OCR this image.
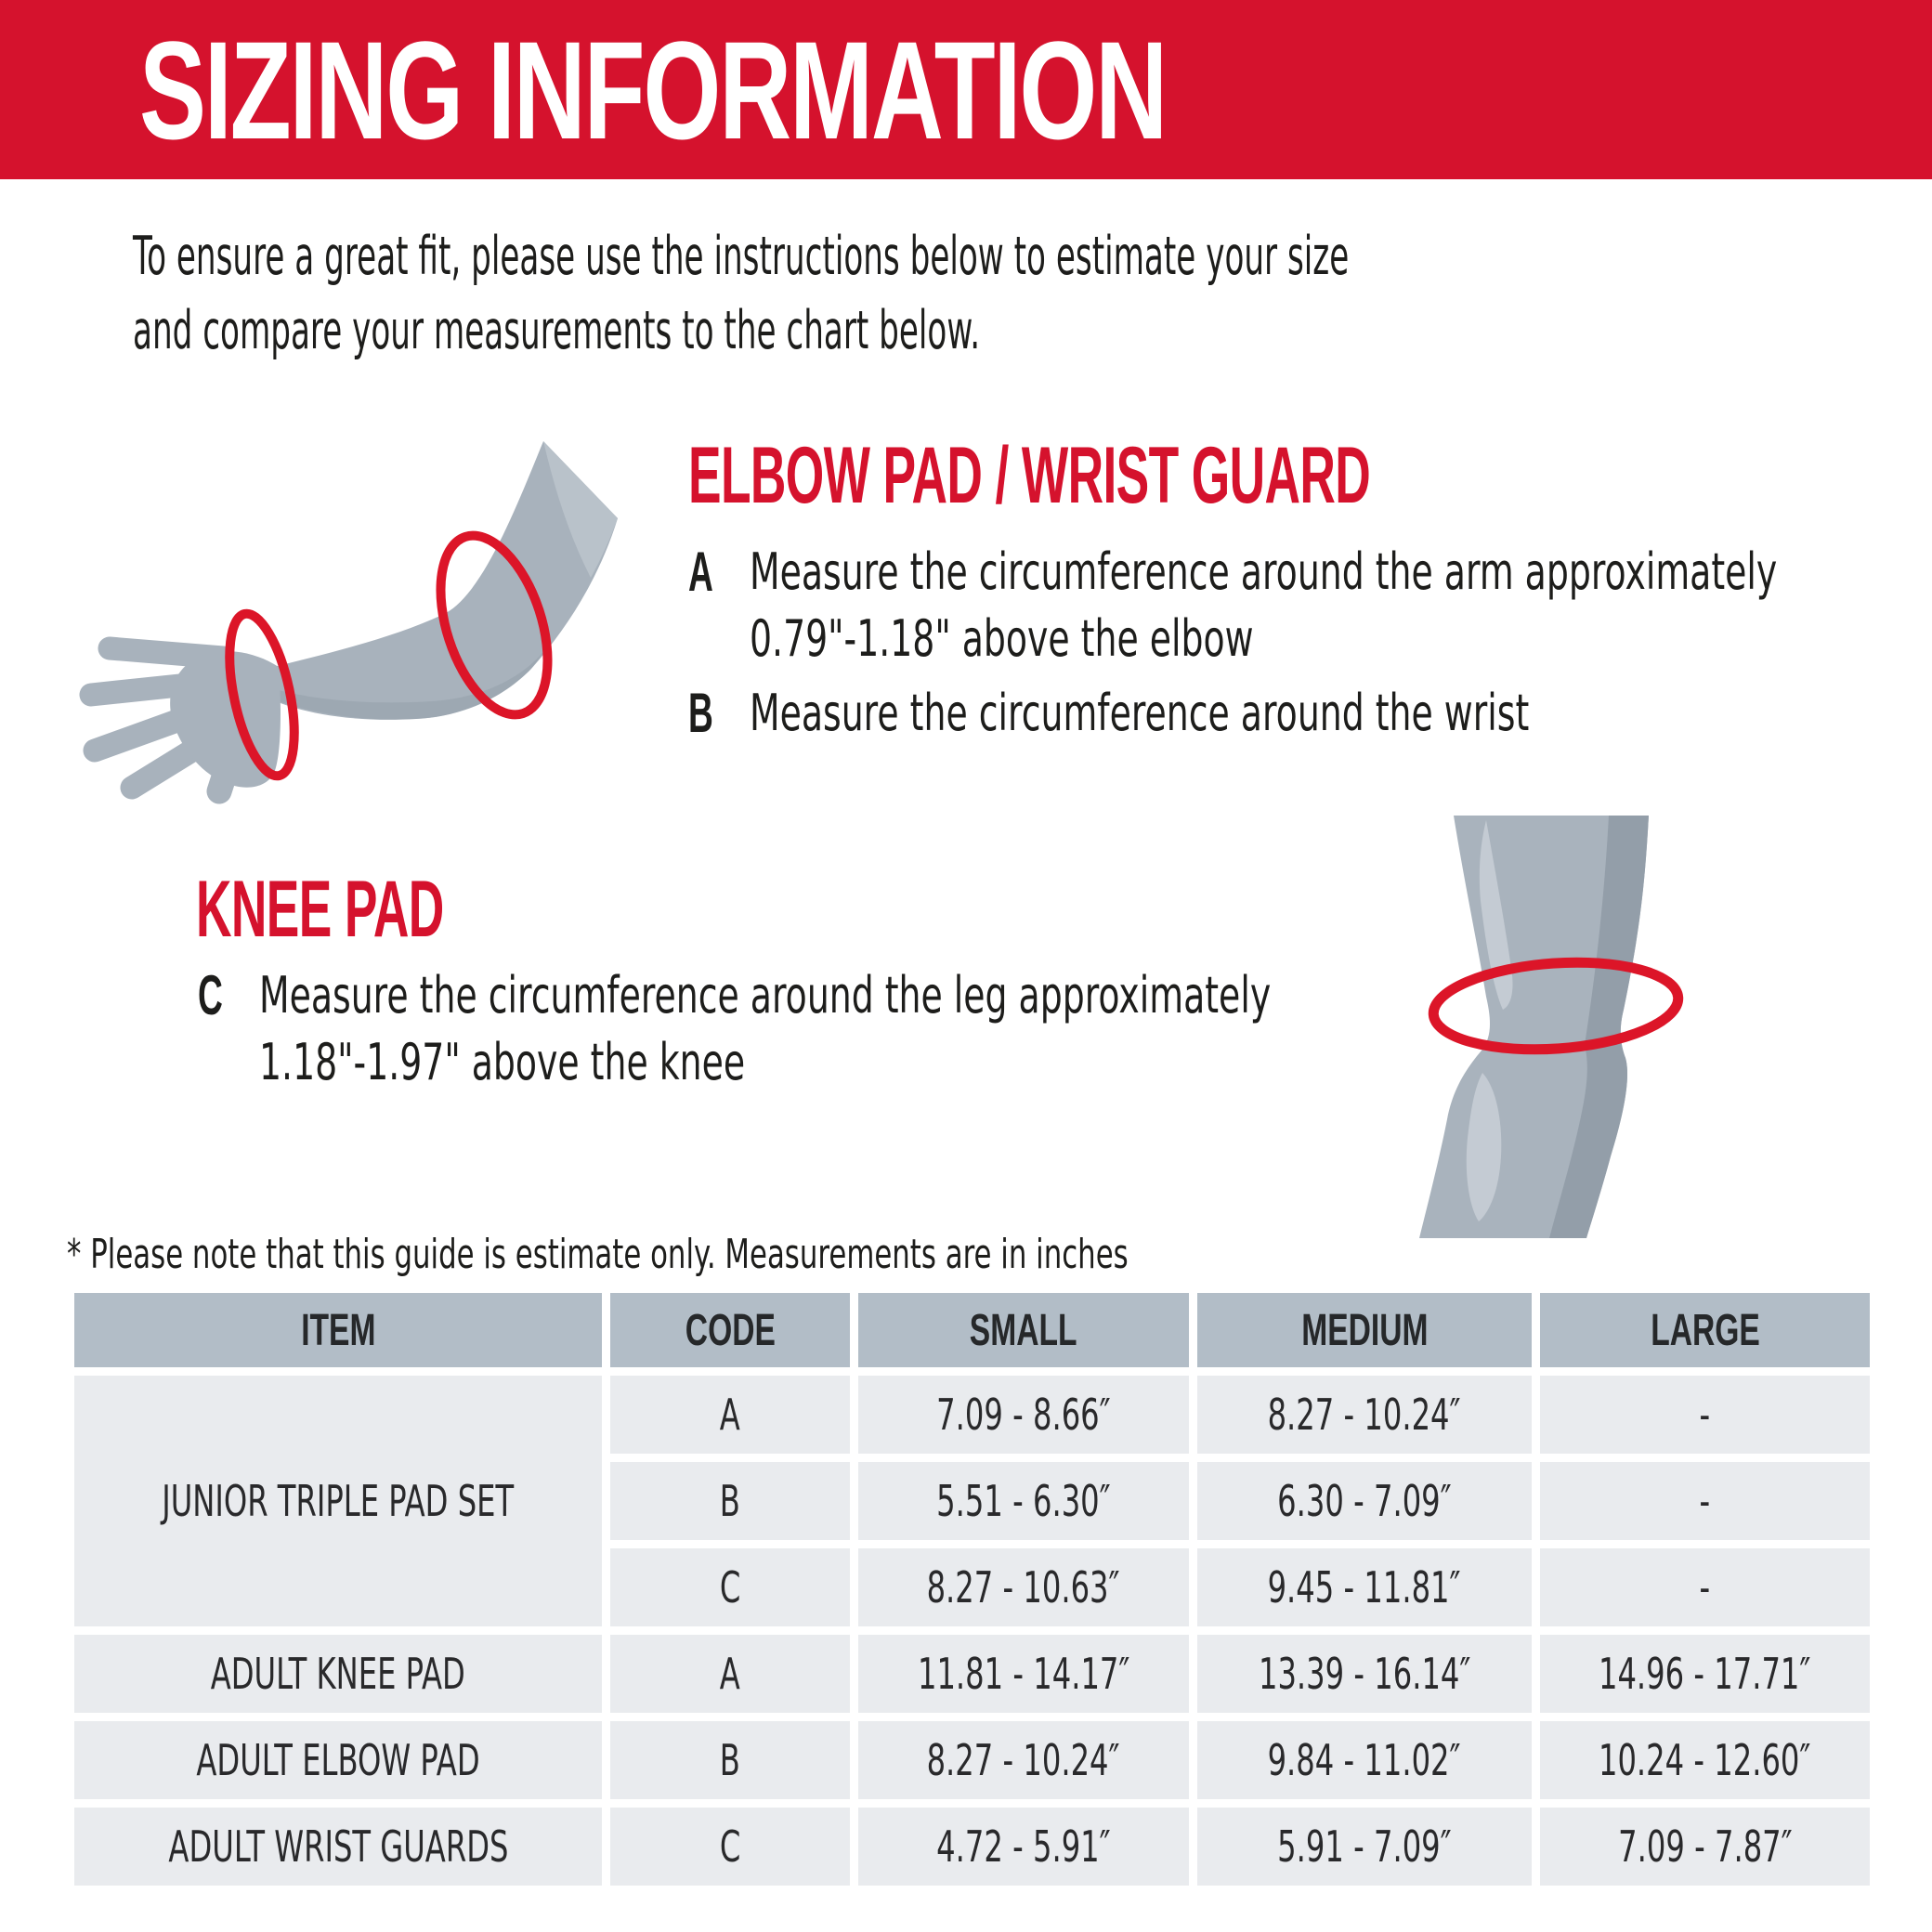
SIZING INFORMATION
To ensure a great fit, please use the instructions below to estimate your size
and compare your measurements to the chart below.
ELBOW PAD / WRIST GUARD
A Measure the circumference around the arm approximately
0.79"-1.18" above the elbow
B Measure the circumference around the wrist
KNEE PAD
C Measure the circumference around the leg approximately
1.18"-1.97" above the knee
* Please note that this guide is estimate only. Measurements are in inches
ITEM	CODE	SMALL	MEDIUM	LARGE
JUNIOR TRIPLE PAD SET
A	7.09 - 8.66″	8.27 - 10.24″	-
B	5.51 - 6.30″	6.30 - 7.09″	-
C	8.27 - 10.63″	9.45 - 11.81″	-
ADULT KNEE PAD	A	11.81 - 14.17″	13.39 - 16.14″	14.96 - 17.71″
ADULT ELBOW PAD	B	8.27 - 10.24″	9.84 - 11.02″	10.24 - 12.60″
ADULT WRIST GUARDS	C	4.72 - 5.91″	5.91 - 7.09″	7.09 - 7.87″
